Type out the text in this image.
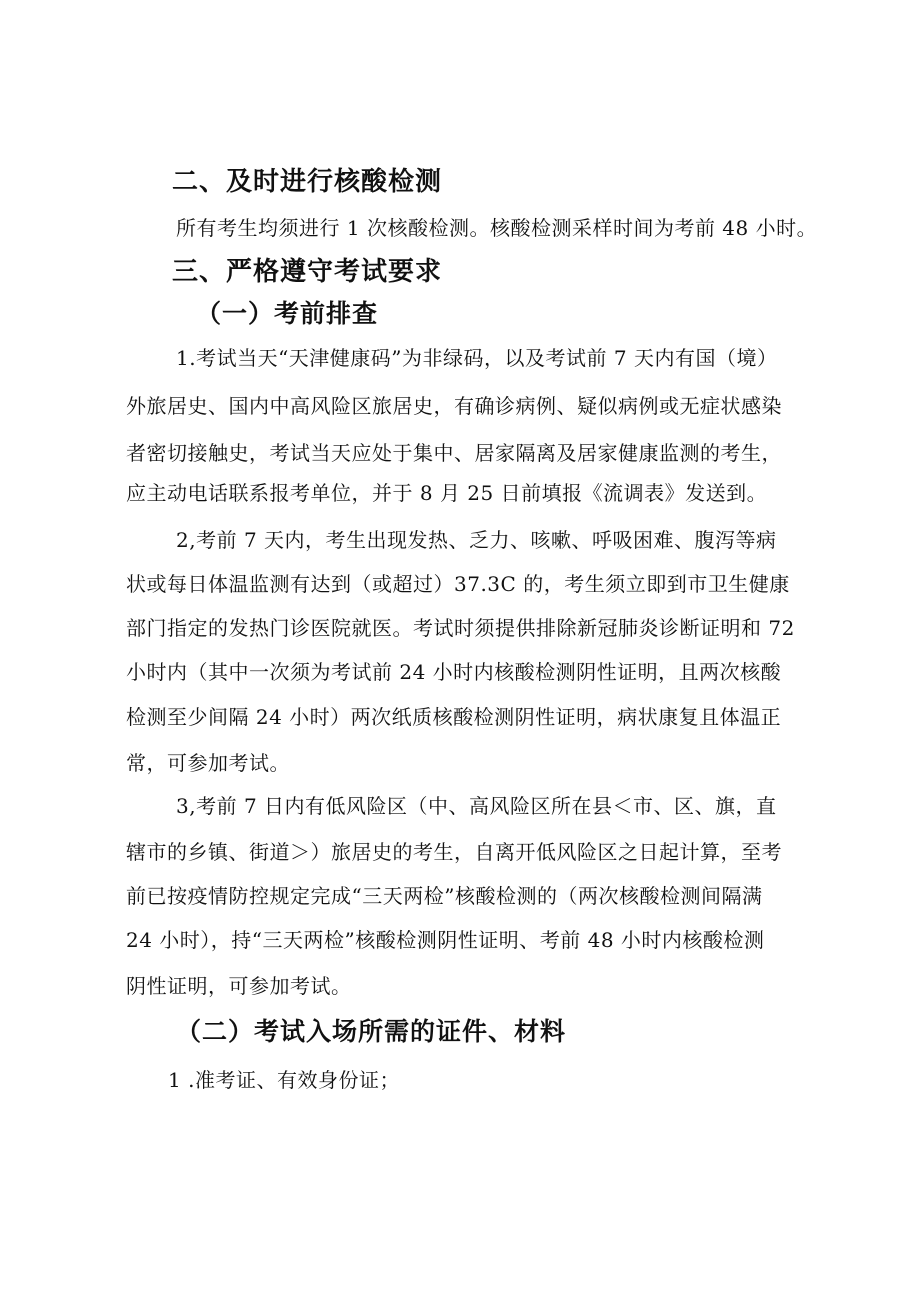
二、及时进行核酸检测
所有考生均须进行 1 次核酸检测。核酸检测采样时间为考前 48 小时。
三、严格遵守考试要求
（一）考前排查
1.考试当天“天津健康码”为非绿码，以及考试前 7 天内有国（境）
外旅居史、国内中高风险区旅居史，有确诊病例、疑似病例或无症状感染
者密切接触史，考试当天应处于集中、居家隔离及居家健康监测的考生，
应主动电话联系报考单位，并于 8 月 25 日前填报《流调表》发送到。
2,考前 7 天内，考生出现发热、乏力、咳嗽、呼吸困难、腹泻等病
状或每日体温监测有达到（或超过）37.3C 的，考生须立即到市卫生健康
部门指定的发热门诊医院就医。考试时须提供排除新冠肺炎诊断证明和 72
小时内（其中一次须为考试前 24 小时内核酸检测阴性证明，且两次核酸
检测至少间隔 24 小时）两次纸质核酸检测阴性证明，病状康复且体温正
常，可参加考试。
3,考前 7 日内有低风险区（中、高风险区所在县＜市、区、旗，直
辖市的乡镇、街道＞）旅居史的考生，自离开低风险区之日起计算，至考
前已按疫情防控规定完成“三天两检”核酸检测的（两次核酸检测间隔满
24 小时），持“三天两检”核酸检测阴性证明、考前 48 小时内核酸检测
阴性证明，可参加考试。
（二）考试入场所需的证件、材料
1 .准考证、有效身份证；
